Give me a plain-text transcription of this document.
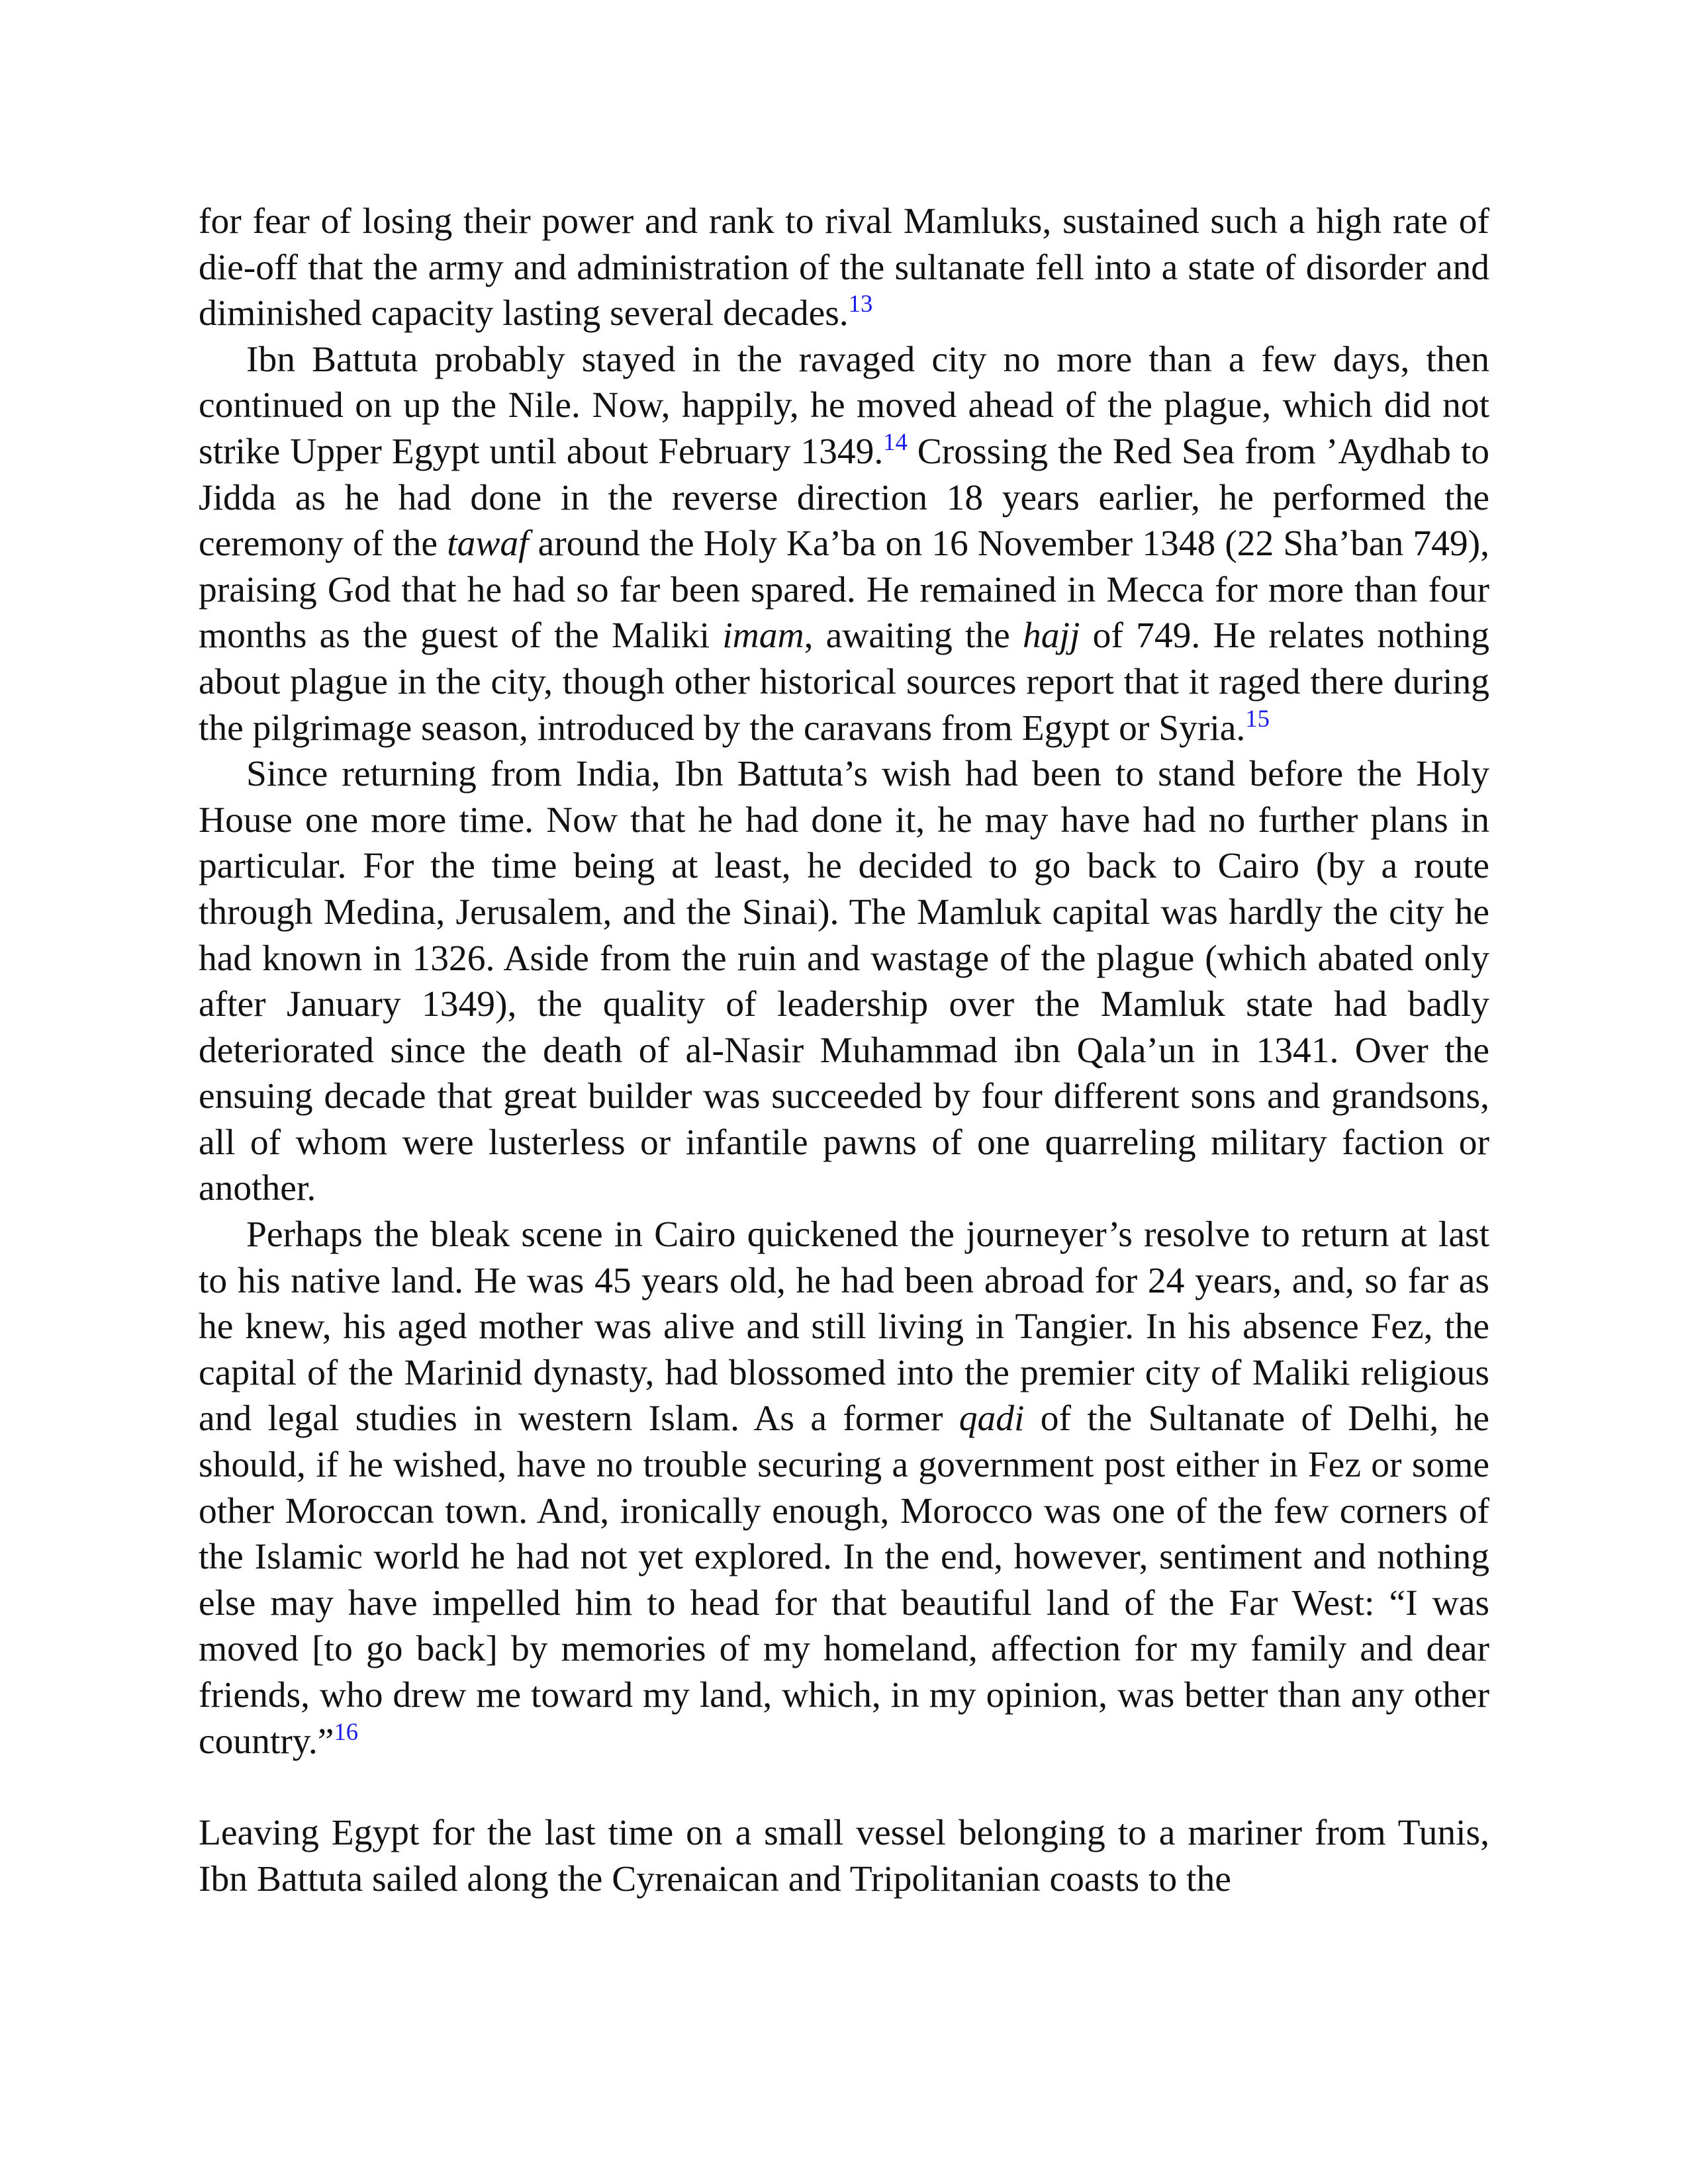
for fear of losing their power and rank to rival Mamluks, sustained such a high rate of die-off that the army and administration of the sultanate fell into a state of disorder and diminished capacity lasting several decades.$^{13}$

Ibn Battuta probably stayed in the ravaged city no more than a few days, then continued on up the Nile. Now, happily, he moved ahead of the plague, which did not strike Upper Egypt until about February 1349.14 Crossing the Red Sea from ’Aydhab to Jidda as he had done in the reverse direction 18 years earlier, he performed the ceremony of the tawaf around the Holy Ka’ba on 16 November 1348 (22 Sha’ban 749), praising God that he had so far been spared. He remained in Mecca for more than four months as the guest of the Maliki imam, awaiting the hajj of 749. He relates nothing about plague in the city, though other historical sources report that it raged there during the pilgrimage season, introduced by the caravans from Egypt or Syria.$^{15}$

Since returning from India, Ibn Battuta’s wish had been to stand before the Holy House one more time. Now that he had done it, he may have had no further plans in particular. For the time being at least, he decided to go back to Cairo (by a route through Medina, Jerusalem, and the Sinai). The Mamluk capital was hardly the city he had known in 1326. Aside from the ruin and wastage of the plague (which abated only after January 1349), the quality of leadership over the Mamluk state had badly deteriorated since the death of al-Nasir Muhammad ibn Qala’un in 1341. Over the ensuing decade that great builder was succeeded by four different sons and grandsons, all of whom were lusterless or infantile pawns of one quarreling military faction or another.

Perhaps the bleak scene in Cairo quickened the journeyer’s resolve to return at last to his native land. He was 45 years old, he had been abroad for 24 years, and, so far as he knew, his aged mother was alive and still living in Tangier. In his absence Fez, the capital of the Marinid dynasty, had blossomed into the premier city of Maliki religious and legal studies in western Islam. As a former qadi of the Sultanate of Delhi, he should, if he wished, have no trouble securing a government post either in Fez or some other Moroccan town. And, ironically enough, Morocco was one of the few corners of the Islamic world he had not yet explored. In the end, however, sentiment and nothing else may have impelled him to head for that beautiful land of the Far West: “I was moved [to go back] by memories of my homeland, affection for my family and dear friends, who drew me toward my land, which, in my opinion, was better than any other country.”$^{16}$

Leaving Egypt for the last time on a small vessel belonging to a mariner from Tunis, Ibn Battuta sailed along the Cyrenaican and Tripolitanian coasts to the
